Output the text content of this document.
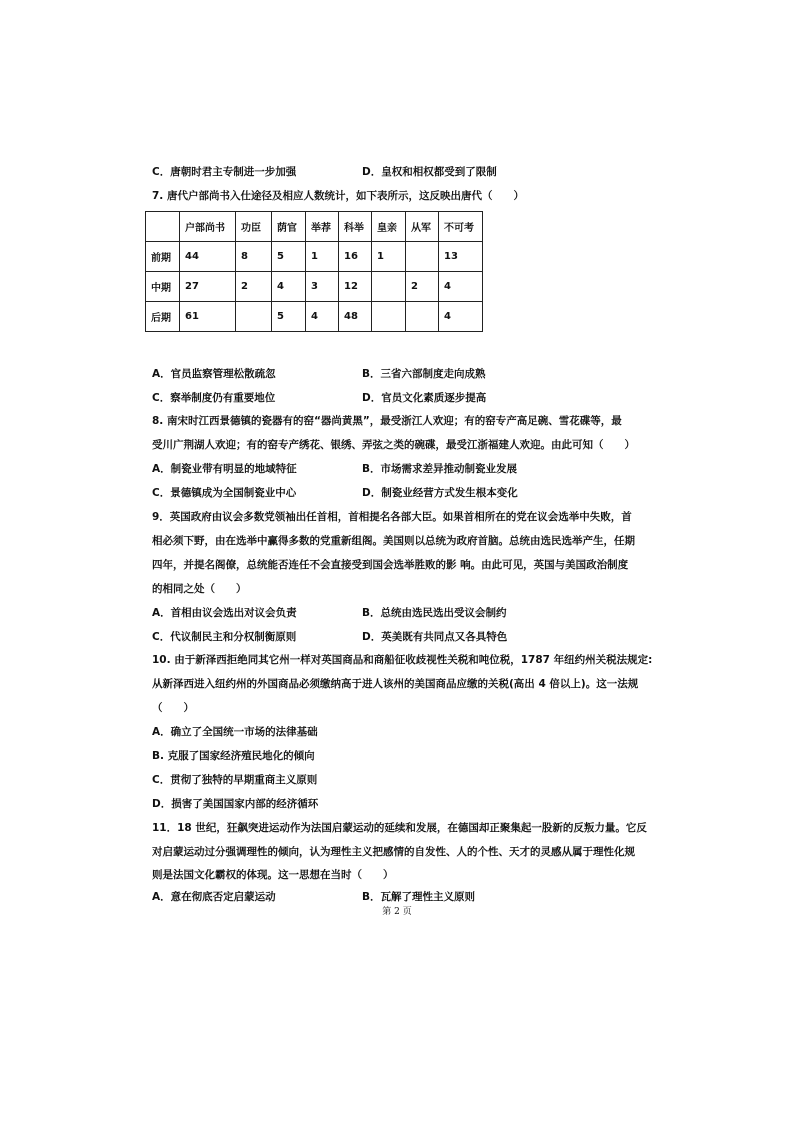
C．唐朝时君主专制进一步加强	D．皇权和相权都受到了限制
7. 唐代户部尚书入仕途径及相应人数统计，如下表所示，这反映出唐代（　　）
	户部尚书	功臣	荫官	举荐	科举	皇亲	从军	不可考
前期	44	8	5	1	16	1		13
中期	27	2	4	3	12		2	4
后期	61		5	4	48			4
A．官员监察管理松散疏忽	B．三省六部制度走向成熟
C．察举制度仍有重要地位	D．官员文化素质逐步提高
8. 南宋时江西景德镇的瓷器有的窑“器尚黄黑”，最受浙江人欢迎；有的窑专产高足碗、雪花碟等，最
受川广荆湖人欢迎；有的窑专产绣花、银绣、弄弦之类的碗碟，最受江浙福建人欢迎。由此可知（　　）
A．制瓷业带有明显的地域特征	B．市场需求差异推动制瓷业发展
C．景德镇成为全国制瓷业中心	D．制瓷业经营方式发生根本变化
9．英国政府由议会多数党领袖出任首相，首相提名各部大臣。如果首相所在的党在议会选举中失败，首
相必须下野，由在选举中赢得多数的党重新组阁。美国则以总统为政府首脑。总统由选民选举产生，任期
四年，并提名阁僚，总统能否连任不会直接受到国会选举胜败的影 响。由此可见，英国与美国政治制度
的相同之处（　　）
A．首相由议会选出对议会负责	B．总统由选民选出受议会制约
C．代议制民主和分权制衡原则	D．英美既有共同点又各具特色
10. 由于新泽西拒绝同其它州一样对英国商品和商船征收歧视性关税和吨位税，1787 年纽约州关税法规定:
从新泽西进入纽约州的外国商品必须缴纳高于进人该州的美国商品应缴的关税(高出 4 倍以上)。这一法规
（　　）
A．确立了全国统一市场的法律基础
B. 克服了国家经济殖民地化的倾向
C．贯彻了独特的早期重商主义原则
D．损害了美国国家内部的经济循环
11．18 世纪，狂飙突进运动作为法国启蒙运动的延续和发展，在德国却正聚集起一股新的反叛力量。它反
对启蒙运动过分强调理性的倾向，认为理性主义把感情的自发性、人的个性、天才的灵感从属于理性化规
则是法国文化霸权的体现。这一思想在当时（　　）
A．意在彻底否定启蒙运动	B．瓦解了理性主义原则
第 2 页
